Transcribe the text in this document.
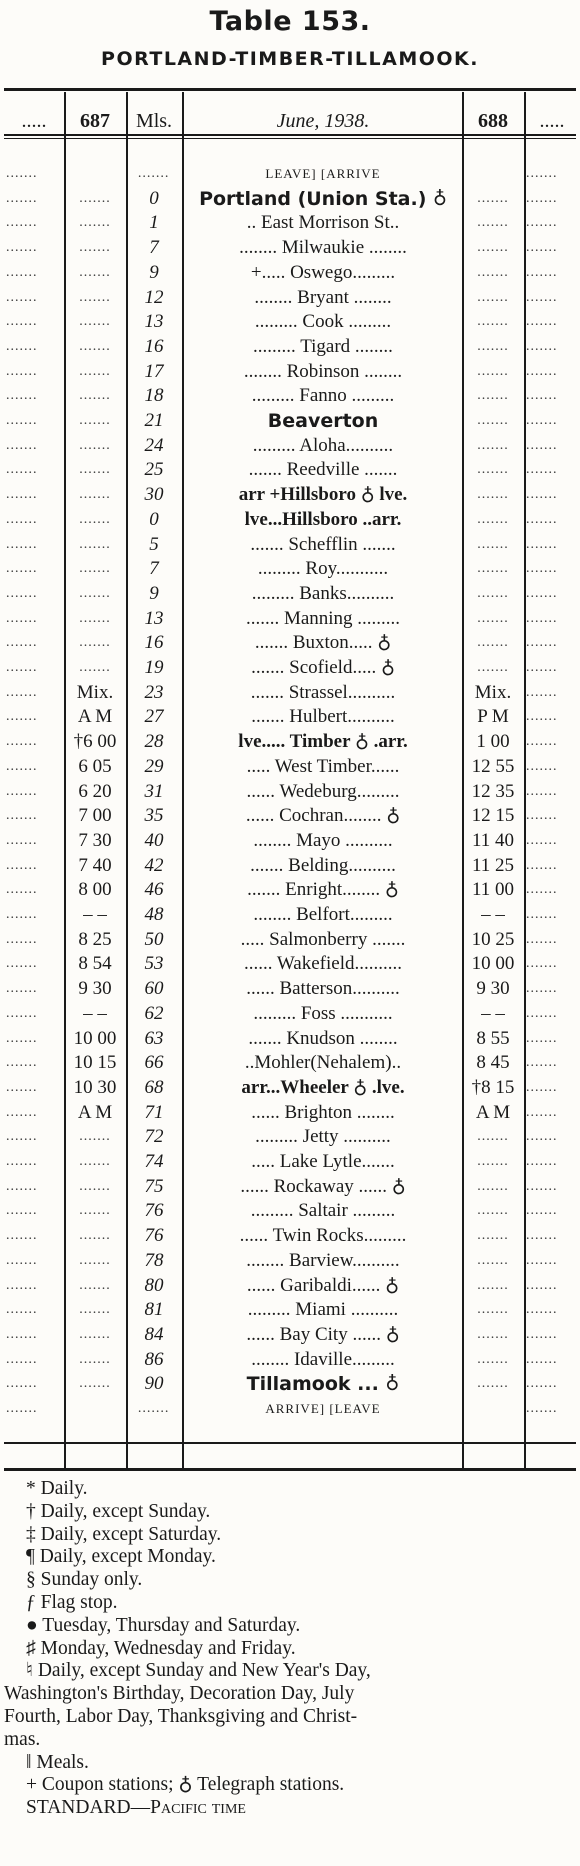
Table 153.
PORTLAND-TIMBER-TILLAMOOK.
.....	687	Mls.	June, 1938.	688	.....
.......	.......	LEAVE] [ARRIVE	.......
.......	.......	0	Portland (Union Sta.) ♁	.......	.......
.......	.......	1	.. East Morrison St..	.......	.......
.......	.......	7	........ Milwaukie ........	.......	.......
.......	.......	9	+..... Oswego.........	.......	.......
.......	.......	12	........ Bryant ........	.......	.......
.......	.......	13	......... Cook .........	.......	.......
.......	.......	16	......... Tigard ........	.......	.......
.......	.......	17	........ Robinson ........	.......	.......
.......	.......	18	......... Fanno .........	.......	.......
.......	.......	21	Beaverton	.......	.......
.......	.......	24	......... Aloha..........	.......	.......
.......	.......	25	....... Reedville .......	.......	.......
.......	.......	30	arr +Hillsboro ♁ lve.	.......	.......
.......	.......	0	lve...Hillsboro ..arr.	.......	.......
.......	.......	5	....... Schefflin .......	.......	.......
.......	.......	7	......... Roy...........	.......	.......
.......	.......	9	......... Banks..........	.......	.......
.......	.......	13	....... Manning .........	.......	.......
.......	.......	16	....... Buxton..... ♁	.......	.......
.......	.......	19	....... Scofield..... ♁	.......	.......
.......	Mix.	23	....... Strassel..........	Mix.	.......
.......	A M	27	....... Hulbert..........	P M	.......
.......	†6 00	28	lve..... Timber ♁ .arr.	1 00	.......
.......	6 05	29	..... West Timber......	12 55 .......
.......	6 20	31	...... Wedeburg.........	12 35 .......
.......	7 00	35	...... Cochran........ ♁	12 15 .......
.......	7 30	40	........ Mayo ..........	11 40 .......
.......	7 40	42	....... Belding..........	11 25 .......
.......	8 00	46	....... Enright........ ♁	11 00 .......
.......	– –	48	........ Belfort.........	– –	.......
.......	8 25	50	..... Salmonberry .......	10 25 .......
.......	8 54	53	...... Wakefield..........	10 00 .......
.......	9 30	60	...... Batterson..........	9 30	.......
.......	– –	62	......... Foss ...........	– –	.......
.......	10 00	63	....... Knudson ........	8 55	.......
.......	10 15	66	..Mohler(Nehalem)..	8 45	.......
.......	10 30	68	arr...Wheeler ♁ .lve.	†8 15 .......
.......	A M	71	...... Brighton ........	A M	.......
.......	.......	72	......... Jetty ..........	.......	.......
.......	.......	74	..... Lake Lytle.......	.......	.......
.......	.......	75	...... Rockaway ...... ♁	.......	.......
.......	.......	76	......... Saltair .........	.......	.......
.......	.......	76	...... Twin Rocks.........	.......	.......
.......	.......	78	........ Barview..........	.......	.......
.......	.......	80	...... Garibaldi...... ♁	.......	.......
.......	.......	81	......... Miami ..........	.......	.......
.......	.......	84	...... Bay City ...... ♁	.......	.......
.......	.......	86	........ Idaville.........	.......	.......
.......	.......	90	Tillamook ... ♁	.......	.......
.......	.......	ARRIVE] [LEAVE	.......
* Daily.
† Daily, except Sunday.
‡ Daily, except Saturday.
¶ Daily, except Monday.
§ Sunday only.
ƒ Flag stop.
● Tuesday, Thursday and Saturday.
♯ Monday, Wednesday and Friday.
♮ Daily, except Sunday and New Year's Day,
Washington's Birthday, Decoration Day, July
Fourth, Labor Day, Thanksgiving and Christ-
mas.
‖ Meals.
+ Coupon stations; ♁ Telegraph stations.
STANDARD—Pacific time
